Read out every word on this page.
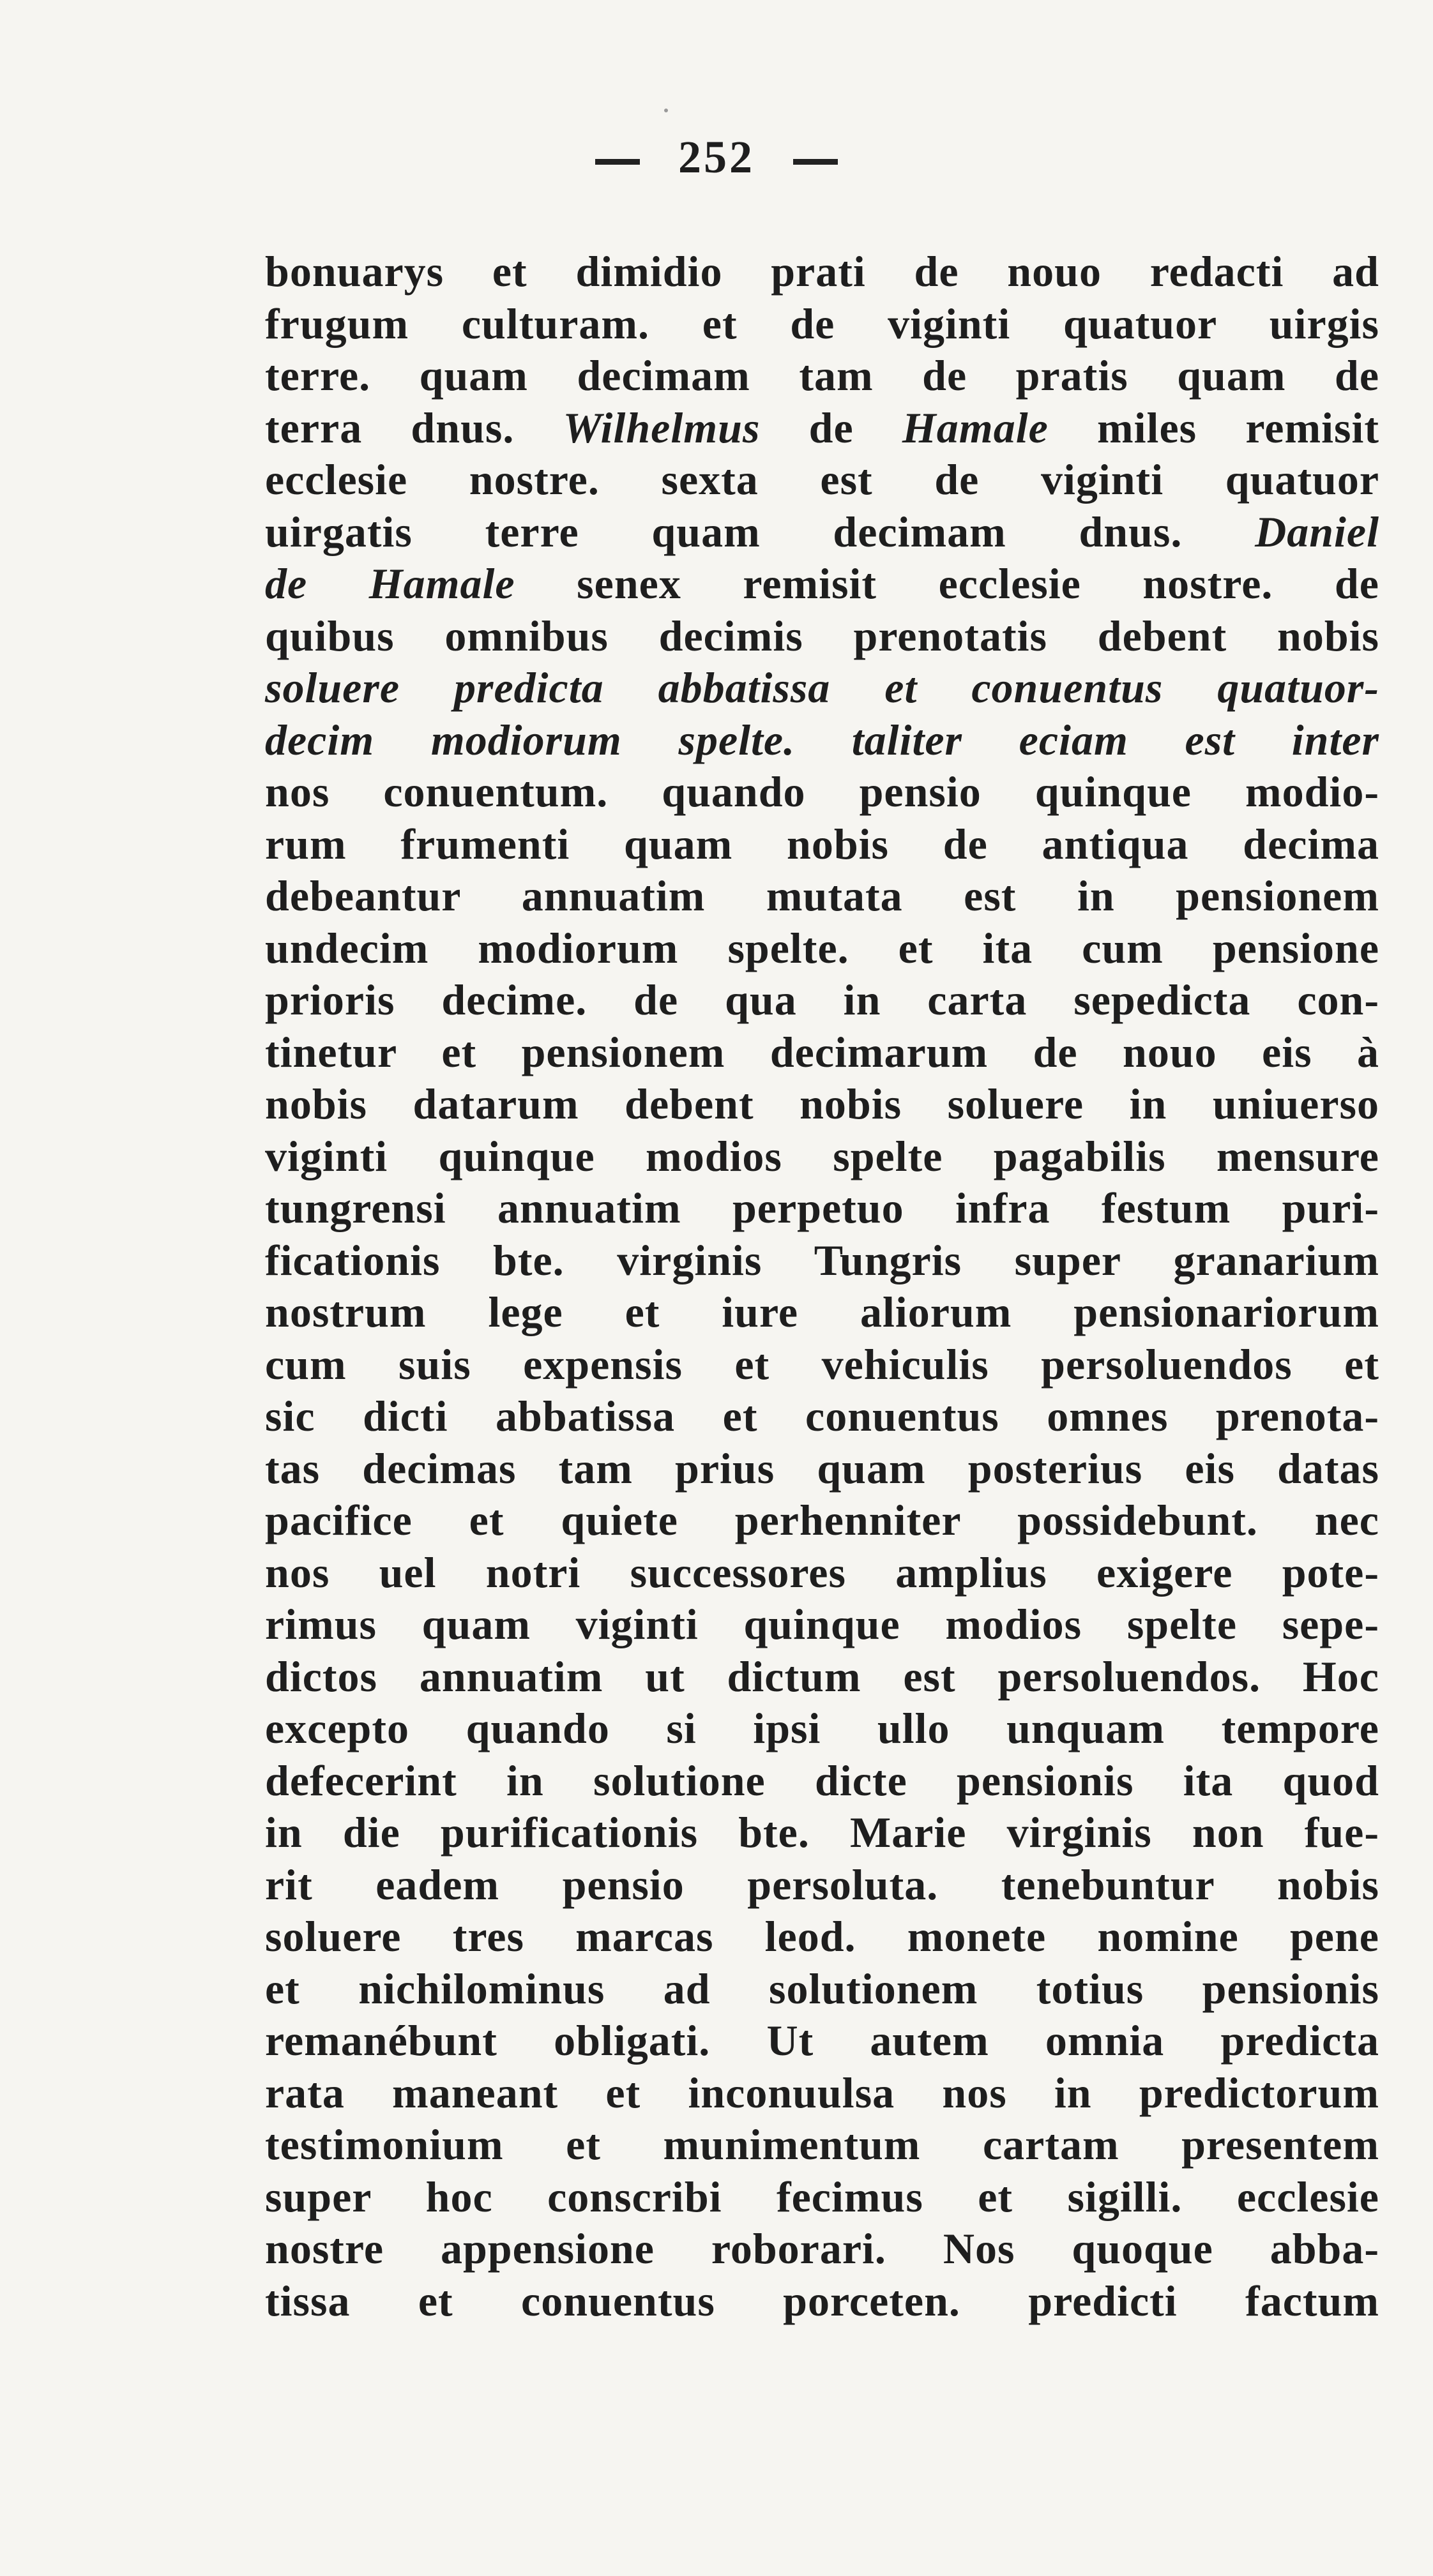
252
bonuarys et dimidio prati de nouo redacti ad
frugum culturam. et de viginti quatuor uirgis
terre. quam decimam tam de pratis quam de
terra dnus. Wilhelmus de Hamale miles remisit
ecclesie nostre. sexta est de viginti quatuor
uirgatis terre quam decimam dnus. Daniel
de Hamale senex remisit ecclesie nostre. de
quibus omnibus decimis prenotatis debent nobis
soluere predicta abbatissa et conuentus quatuor-
decim modiorum spelte. taliter eciam est inter
nos conuentum. quando pensio quinque modio-
rum frumenti quam nobis de antiqua decima
debeantur annuatim mutata est in pensionem
undecim modiorum spelte. et ita cum pensione
prioris decime. de qua in carta sepedicta con-
tinetur et pensionem decimarum de nouo eis à
nobis datarum debent nobis soluere in uniuerso
viginti quinque modios spelte pagabilis mensure
tungrensi annuatim perpetuo infra festum puri-
ficationis bte. virginis Tungris super granarium
nostrum lege et iure aliorum pensionariorum
cum suis expensis et vehiculis persoluendos et
sic dicti abbatissa et conuentus omnes prenota-
tas decimas tam prius quam posterius eis datas
pacifice et quiete perhenniter possidebunt. nec
nos uel notri successores amplius exigere pote-
rimus quam viginti quinque modios spelte sepe-
dictos annuatim ut dictum est persoluendos. Hoc
excepto quando si ipsi ullo unquam tempore
defecerint in solutione dicte pensionis ita quod
in die purificationis bte. Marie virginis non fue-
rit eadem pensio persoluta. tenebuntur nobis
soluere tres marcas leod. monete nomine pene
et nichilominus ad solutionem totius pensionis
remanébunt obligati. Ut autem omnia predicta
rata maneant et inconuulsa nos in predictorum
testimonium et munimentum cartam presentem
super hoc conscribi fecimus et sigilli. ecclesie
nostre appensione roborari. Nos quoque abba-
tissa et conuentus porceten. predicti factum
